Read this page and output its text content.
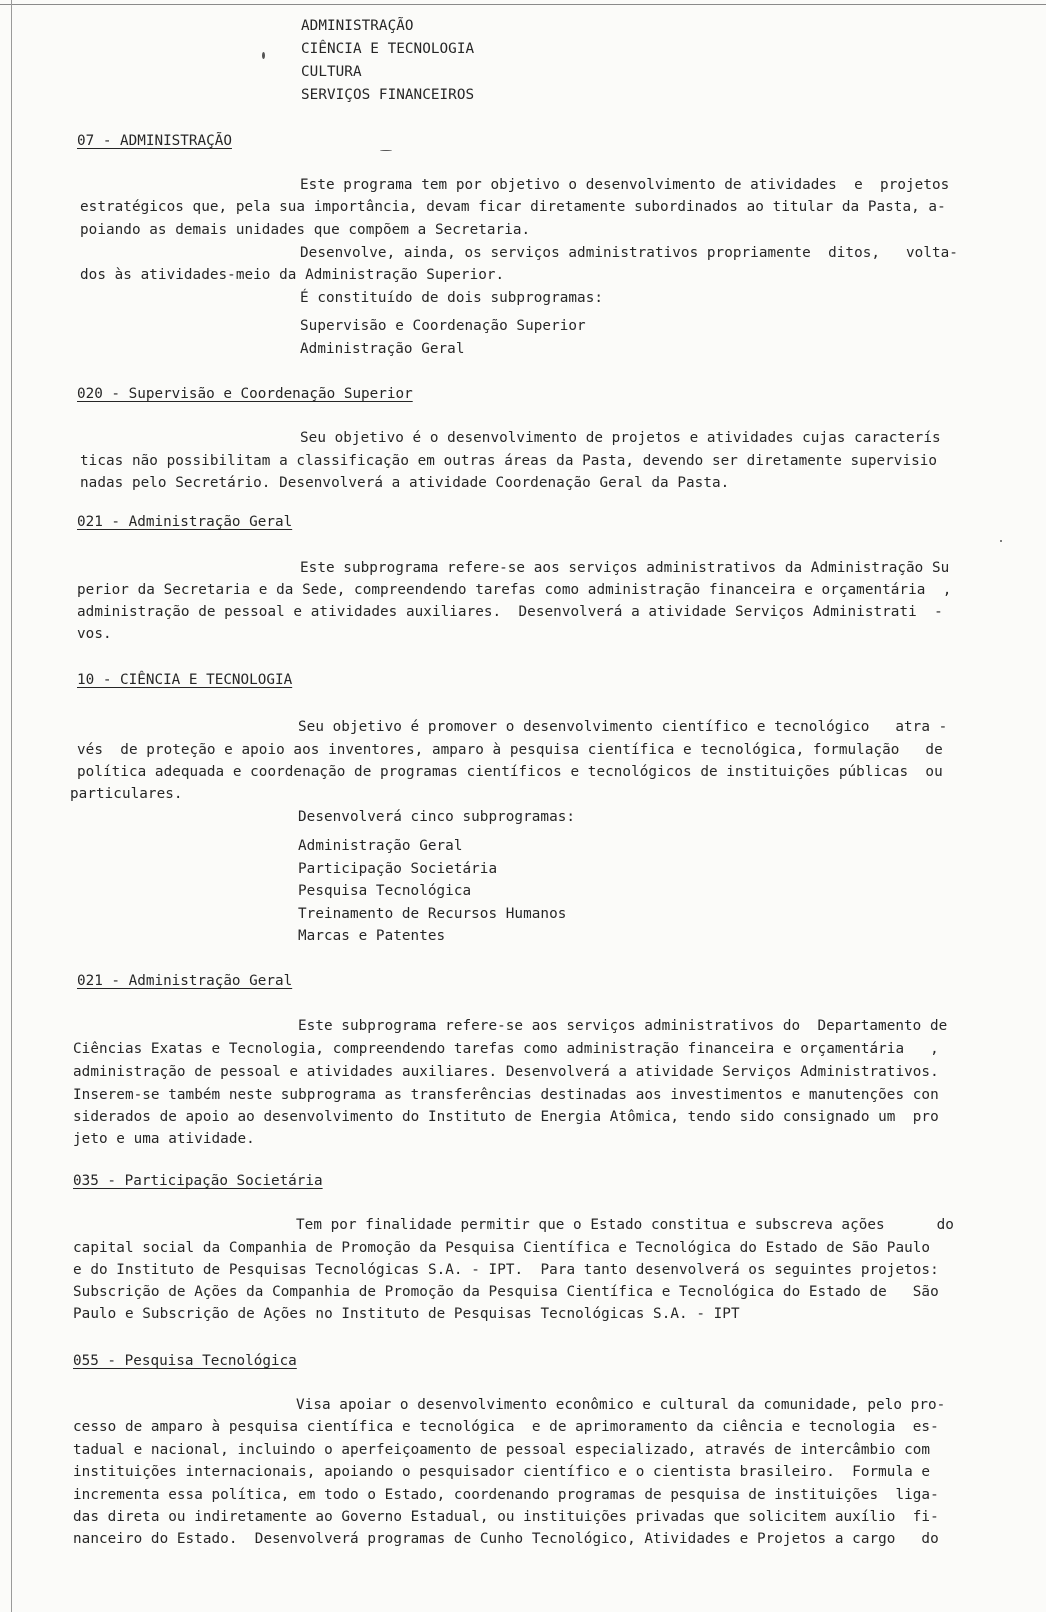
ADMINISTRAÇÃO
CIÊNCIA E TECNOLOGIA
CULTURA
SERVIÇOS FINANCEIROS
07 - ADMINISTRAÇÃO
Este programa tem por objetivo o desenvolvimento de atividades  e  projetos
estratégicos que, pela sua importância, devam ficar diretamente subordinados ao titular da Pasta, a-
poiando as demais unidades que compõem a Secretaria.
Desenvolve, ainda, os serviços administrativos propriamente  ditos,   volta-
dos às atividades-meio da Administração Superior.
É constituído de dois subprogramas:
Supervisão e Coordenação Superior
Administração Geral
020 - Supervisão e Coordenação Superior
Seu objetivo é o desenvolvimento de projetos e atividades cujas caracterís
ticas não possibilitam a classificação em outras áreas da Pasta, devendo ser diretamente supervisio
nadas pelo Secretário. Desenvolverá a atividade Coordenação Geral da Pasta.
021 - Administração Geral
Este subprograma refere-se aos serviços administrativos da Administração Su
perior da Secretaria e da Sede, compreendendo tarefas como administração financeira e orçamentária  ,
administração de pessoal e atividades auxiliares.  Desenvolverá a atividade Serviços Administrati  -
vos.
10 - CIÊNCIA E TECNOLOGIA
Seu objetivo é promover o desenvolvimento científico e tecnológico   atra -
vés  de proteção e apoio aos inventores, amparo à pesquisa científica e tecnológica, formulação   de
política adequada e coordenação de programas científicos e tecnológicos de instituições públicas  ou
particulares.
Desenvolverá cinco subprogramas:
Administração Geral
Participação Societária
Pesquisa Tecnológica
Treinamento de Recursos Humanos
Marcas e Patentes
021 - Administração Geral
Este subprograma refere-se aos serviços administrativos do  Departamento de
Ciências Exatas e Tecnologia, compreendendo tarefas como administração financeira e orçamentária   ,
administração de pessoal e atividades auxiliares. Desenvolverá a atividade Serviços Administrativos.
Inserem-se também neste subprograma as transferências destinadas aos investimentos e manutenções con
siderados de apoio ao desenvolvimento do Instituto de Energia Atômica, tendo sido consignado um  pro
jeto e uma atividade.
035 - Participação Societária
Tem por finalidade permitir que o Estado constitua e subscreva ações      do
capital social da Companhia de Promoção da Pesquisa Científica e Tecnológica do Estado de São Paulo
e do Instituto de Pesquisas Tecnológicas S.A. - IPT.  Para tanto desenvolverá os seguintes projetos:
Subscrição de Ações da Companhia de Promoção da Pesquisa Científica e Tecnológica do Estado de   São
Paulo e Subscrição de Ações no Instituto de Pesquisas Tecnológicas S.A. - IPT
055 - Pesquisa Tecnológica
Visa apoiar o desenvolvimento econômico e cultural da comunidade, pelo pro-
cesso de amparo à pesquisa científica e tecnológica  e de aprimoramento da ciência e tecnologia  es-
tadual e nacional, incluindo o aperfeiçoamento de pessoal especializado, através de intercâmbio com
instituições internacionais, apoiando o pesquisador científico e o cientista brasileiro.  Formula e
incrementa essa política, em todo o Estado, coordenando programas de pesquisa de instituições  liga-
das direta ou indiretamente ao Governo Estadual, ou instituições privadas que solicitem auxílio  fi-
nanceiro do Estado.  Desenvolverá programas de Cunho Tecnológico, Atividades e Projetos a cargo   do
